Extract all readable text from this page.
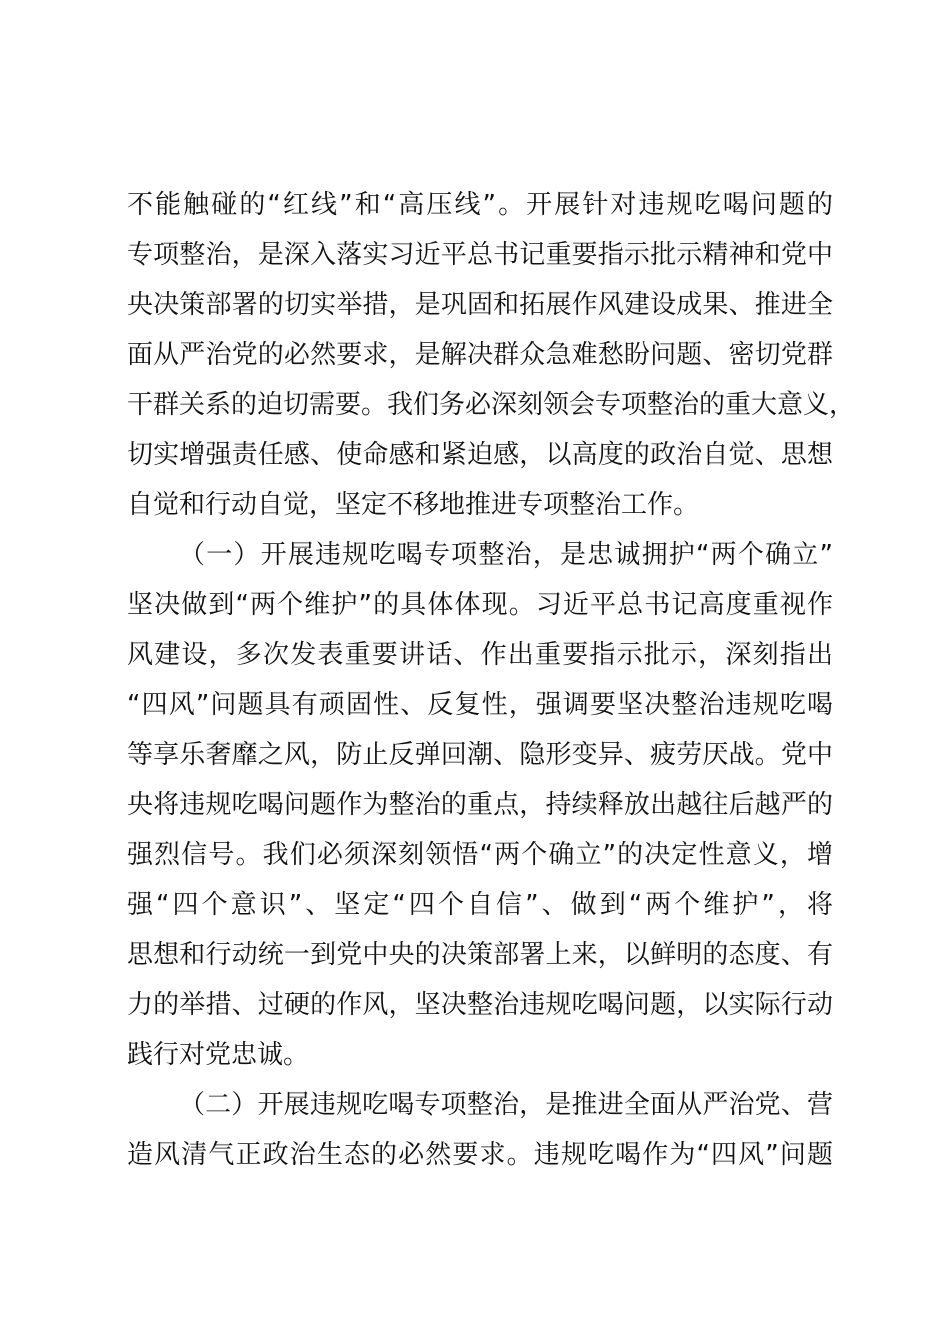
不能触碰的“红线”和“高压线”。开展针对违规吃喝问题的
专项整治，是深入落实习近平总书记重要指示批示精神和党中
央决策部署的切实举措，是巩固和拓展作风建设成果、推进全
面从严治党的必然要求，是解决群众急难愁盼问题、密切党群
干群关系的迫切需要。我们务必深刻领会专项整治的重大意义，
切实增强责任感、使命感和紧迫感，以高度的政治自觉、思想
自觉和行动自觉，坚定不移地推进专项整治工作。
（一）开展违规吃喝专项整治，是忠诚拥护“两个确立”
坚决做到“两个维护”的具体体现。习近平总书记高度重视作
风建设，多次发表重要讲话、作出重要指示批示，深刻指出
“四风”问题具有顽固性、反复性，强调要坚决整治违规吃喝
等享乐奢靡之风，防止反弹回潮、隐形变异、疲劳厌战。党中
央将违规吃喝问题作为整治的重点，持续释放出越往后越严的
强烈信号。我们必须深刻领悟“两个确立”的决定性意义，增
强“四个意识”、坚定“四个自信”、做到“两个维护”，将
思想和行动统一到党中央的决策部署上来，以鲜明的态度、有
力的举措、过硬的作风，坚决整治违规吃喝问题，以实际行动
践行对党忠诚。
（二）开展违规吃喝专项整治，是推进全面从严治党、营
造风清气正政治生态的必然要求。违规吃喝作为“四风”问题
